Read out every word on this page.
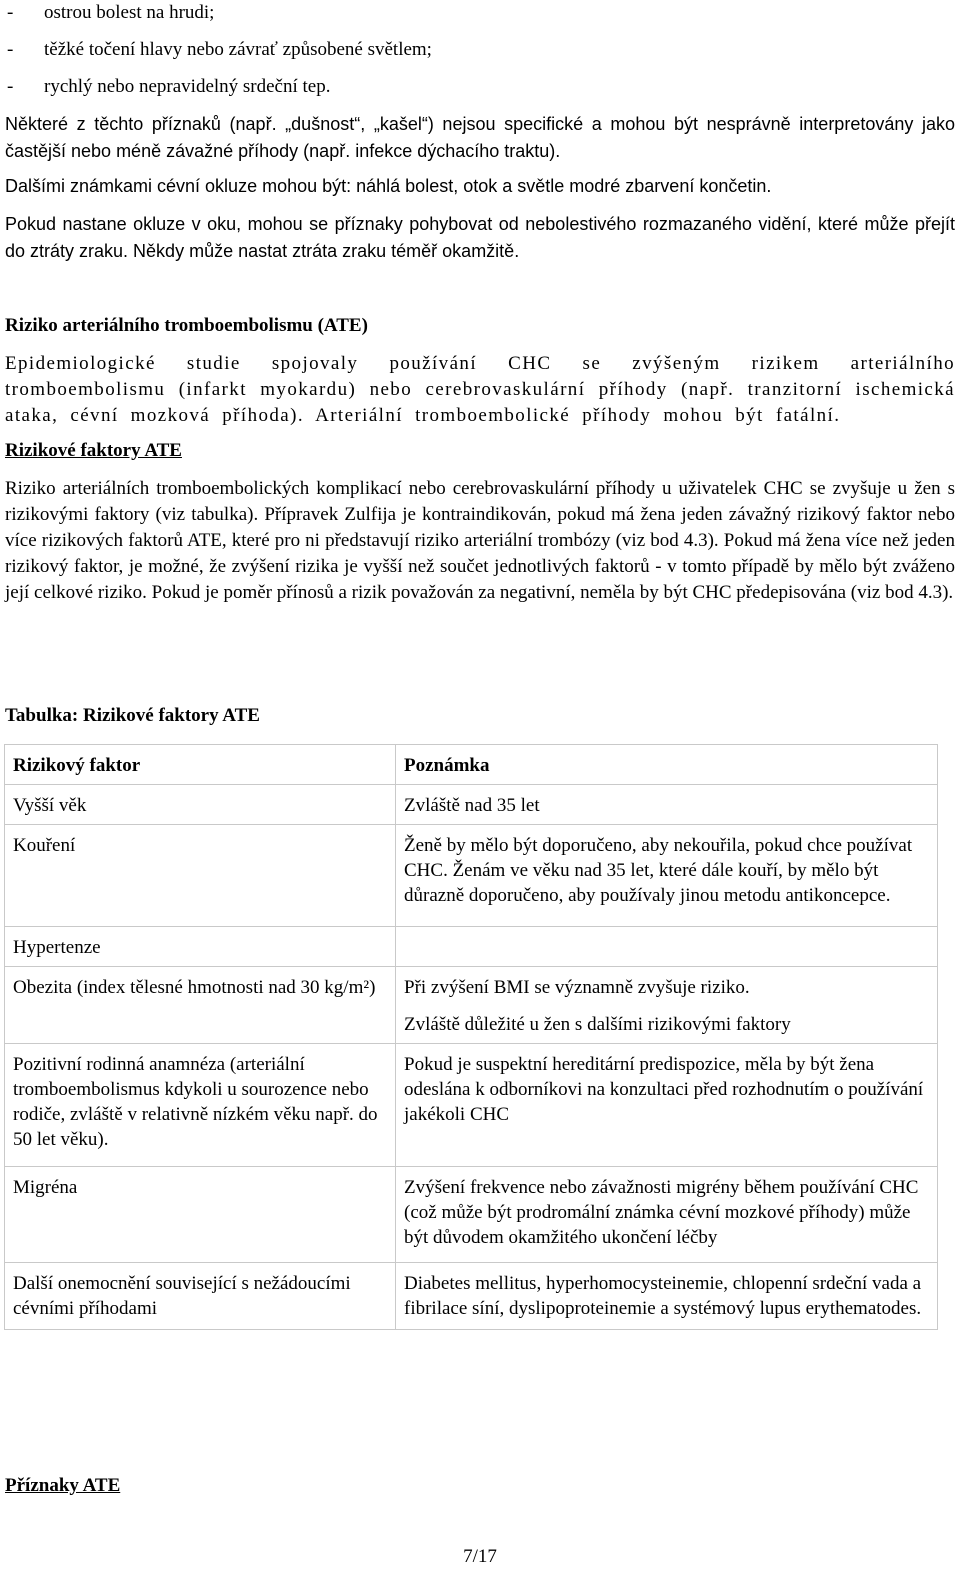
- ostrou bolest na hrudi;
- těžké točení hlavy nebo závrať způsobené světlem;
- rychlý nebo nepravidelný srdeční tep.
Některé z těchto příznaků (např. „dušnost“, „kašel“) nejsou specifické a mohou být nesprávně interpretovány jako častější nebo méně závažné příhody (např. infekce dýchacího traktu).
Dalšími známkami cévní okluze mohou být: náhlá bolest, otok a světle modré zbarvení končetin.
Pokud nastane okluze v oku, mohou se příznaky pohybovat od nebolestivého rozmazaného vidění, které může přejít do ztráty zraku. Někdy může nastat ztráta zraku téměř okamžitě.
Riziko arteriálního tromboembolismu (ATE)
Epidemiologické studie spojovaly používání CHC se zvýšeným rizikem arteriálního tromboembolismu (infarkt myokardu) nebo cerebrovaskulární příhody (např. tranzitorní ischemická ataka, cévní mozková příhoda). Arteriální tromboembolické příhody mohou být fatální.
Rizikové faktory ATE
Riziko arteriálních tromboembolických komplikací nebo cerebrovaskulární příhody u uživatelek CHC se zvyšuje u žen s rizikovými faktory (viz tabulka). Přípravek Zulfija je kontraindikován, pokud má žena jeden závažný rizikový faktor nebo více rizikových faktorů ATE, které pro ni představují riziko arteriální trombózy (viz bod 4.3). Pokud má žena více než jeden rizikový faktor, je možné, že zvýšení rizika je vyšší než součet jednotlivých faktorů - v tomto případě by mělo být zváženo její celkové riziko. Pokud je poměr přínosů a rizik považován za negativní, neměla by být CHC předepisována (viz bod 4.3).
Tabulka: Rizikové faktory ATE
Rizikový faktor	Poznámka
Vyšší věk	Zvláště nad 35 let
Kouření	Ženě by mělo být doporučeno, aby nekouřila, pokud chce používat CHC. Ženám ve věku nad 35 let, které dále kouří, by mělo být důrazně doporučeno, aby používaly jinou metodu antikoncepce.
Hypertenze	
Obezita (index tělesné hmotnosti nad 30 kg/m²)	Při zvýšení BMI se významně zvyšuje riziko.
Zvláště důležité u žen s dalšími rizikovými faktory

Pozitivní rodinná anamnéza (arteriální tromboembolismus kdykoli u sourozence nebo rodiče, zvláště v relativně nízkém věku např. do 50 let věku).	Pokud je suspektní hereditární predispozice, měla by být žena odeslána k odborníkovi na konzultaci před rozhodnutím o používání jakékoli CHC
Migréna	Zvýšení frekvence nebo závažnosti migrény během používání CHC (což může být prodromální známka cévní mozkové příhody) může být důvodem okamžitého ukončení léčby
Další onemocnění související s nežádoucími cévními příhodami	Diabetes mellitus, hyperhomocysteinemie, chlopenní srdeční vada a fibrilace síní, dyslipoproteinemie a systémový lupus erythematodes.
Příznaky ATE
7/17
